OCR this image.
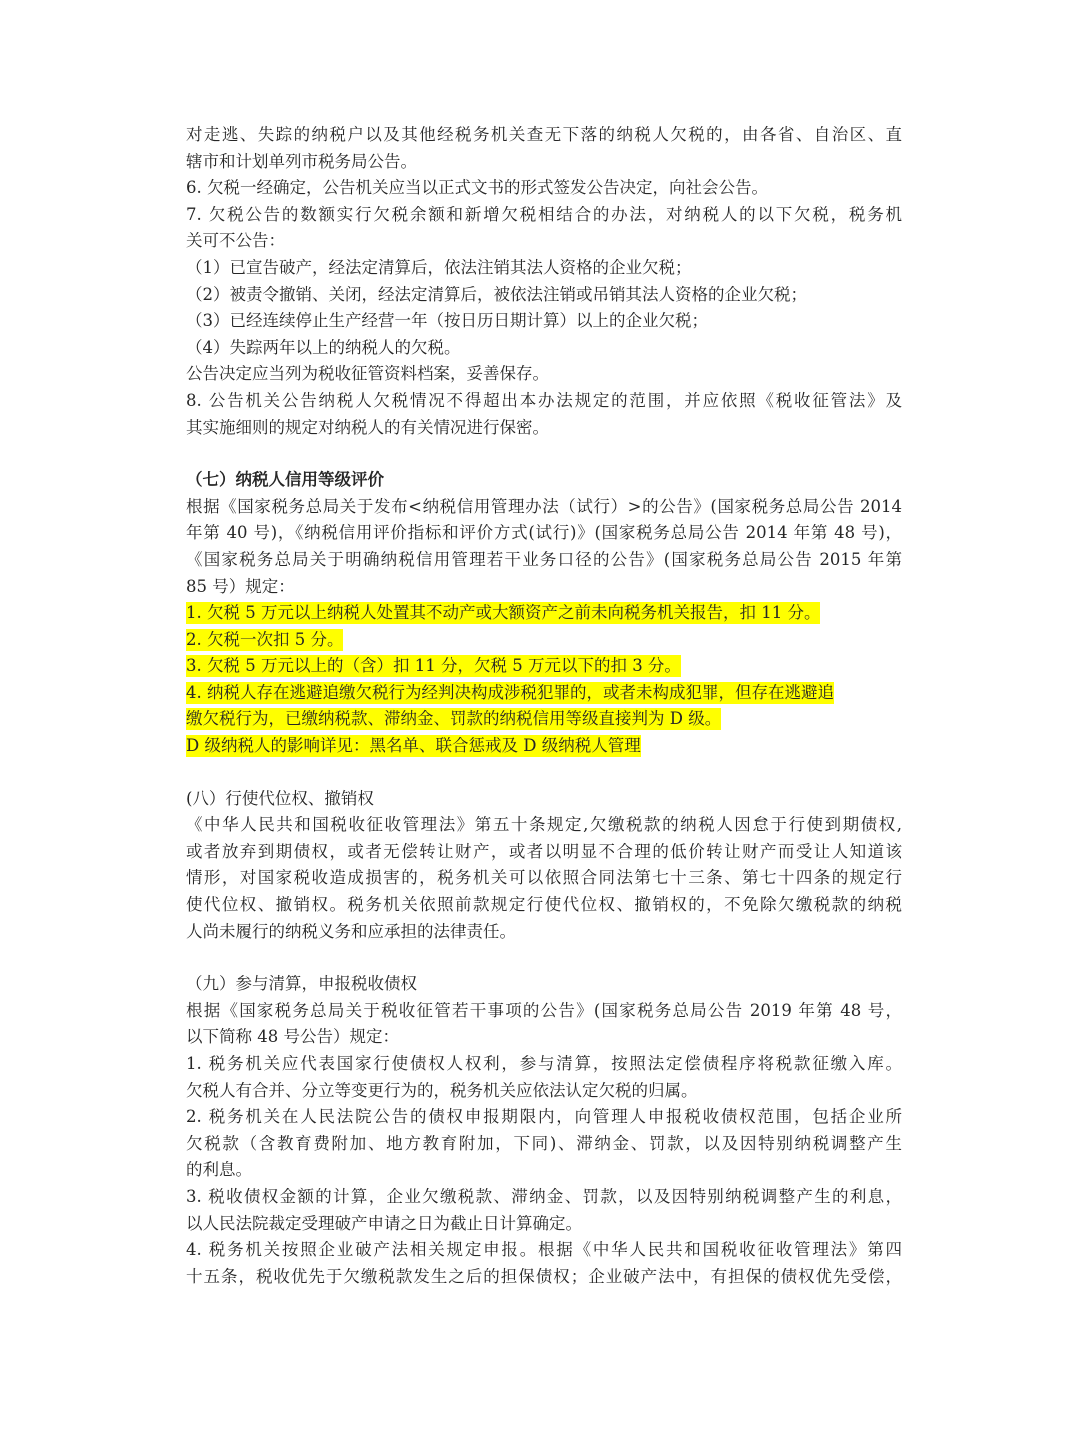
对走逃、失踪的纳税户以及其他经税务机关查无下落的纳税人欠税的，由各省、自治区、直
辖市和计划单列市税务局公告。
6. 欠税一经确定，公告机关应当以正式文书的形式签发公告决定，向社会公告。
7. 欠税公告的数额实行欠税余额和新增欠税相结合的办法，对纳税人的以下欠税，税务机
关可不公告：
（1）已宣告破产，经法定清算后，依法注销其法人资格的企业欠税；
（2）被责令撤销、关闭，经法定清算后，被依法注销或吊销其法人资格的企业欠税；
（3）已经连续停止生产经营一年（按日历日期计算）以上的企业欠税；
（4）失踪两年以上的纳税人的欠税。
公告决定应当列为税收征管资料档案，妥善保存。
8. 公告机关公告纳税人欠税情况不得超出本办法规定的范围，并应依照《税收征管法》及
其实施细则的规定对纳税人的有关情况进行保密。
（七）纳税人信用等级评价
根据《国家税务总局关于发布<纳税信用管理办法（试行）>的公告》(国家税务总局公告 2014
年第 40 号)，《纳税信用评价指标和评价方式(试行)》(国家税务总局公告 2014 年第 48 号)，
《国家税务总局关于明确纳税信用管理若干业务口径的公告》(国家税务总局公告 2015 年第
85 号）规定：
1. 欠税 5 万元以上纳税人处置其不动产或大额资产之前未向税务机关报告，扣 11 分。
2. 欠税一次扣 5 分。
3. 欠税 5 万元以上的（含）扣 11 分，欠税 5 万元以下的扣 3 分。
4. 纳税人存在逃避追缴欠税行为经判决构成涉税犯罪的，或者未构成犯罪，但存在逃避追
缴欠税行为，已缴纳税款、滞纳金、罚款的纳税信用等级直接判为 D 级。
D 级纳税人的影响详见：黑名单、联合惩戒及 D 级纳税人管理
(八）行使代位权、撤销权
《中华人民共和国税收征收管理法》第五十条规定,欠缴税款的纳税人因怠于行使到期债权,
或者放弃到期债权，或者无偿转让财产，或者以明显不合理的低价转让财产而受让人知道该
情形，对国家税收造成损害的，税务机关可以依照合同法第七十三条、第七十四条的规定行
使代位权、撤销权。税务机关依照前款规定行使代位权、撤销权的，不免除欠缴税款的纳税
人尚未履行的纳税义务和应承担的法律责任。
（九）参与清算，申报税收债权
根据《国家税务总局关于税收征管若干事项的公告》(国家税务总局公告 2019 年第 48 号，
以下简称 48 号公告）规定：
1. 税务机关应代表国家行使债权人权利，参与清算，按照法定偿债程序将税款征缴入库。
欠税人有合并、分立等变更行为的，税务机关应依法认定欠税的归属。
2. 税务机关在人民法院公告的债权申报期限内，向管理人申报税收债权范围，包括企业所
欠税款（含教育费附加、地方教育附加，下同)、滞纳金、罚款，以及因特别纳税调整产生
的利息。
3. 税收债权金额的计算，企业欠缴税款、滞纳金、罚款，以及因特别纳税调整产生的利息，
以人民法院裁定受理破产申请之日为截止日计算确定。
4. 税务机关按照企业破产法相关规定申报。根据《中华人民共和国税收征收管理法》第四
十五条，税收优先于欠缴税款发生之后的担保债权；企业破产法中，有担保的债权优先受偿，
